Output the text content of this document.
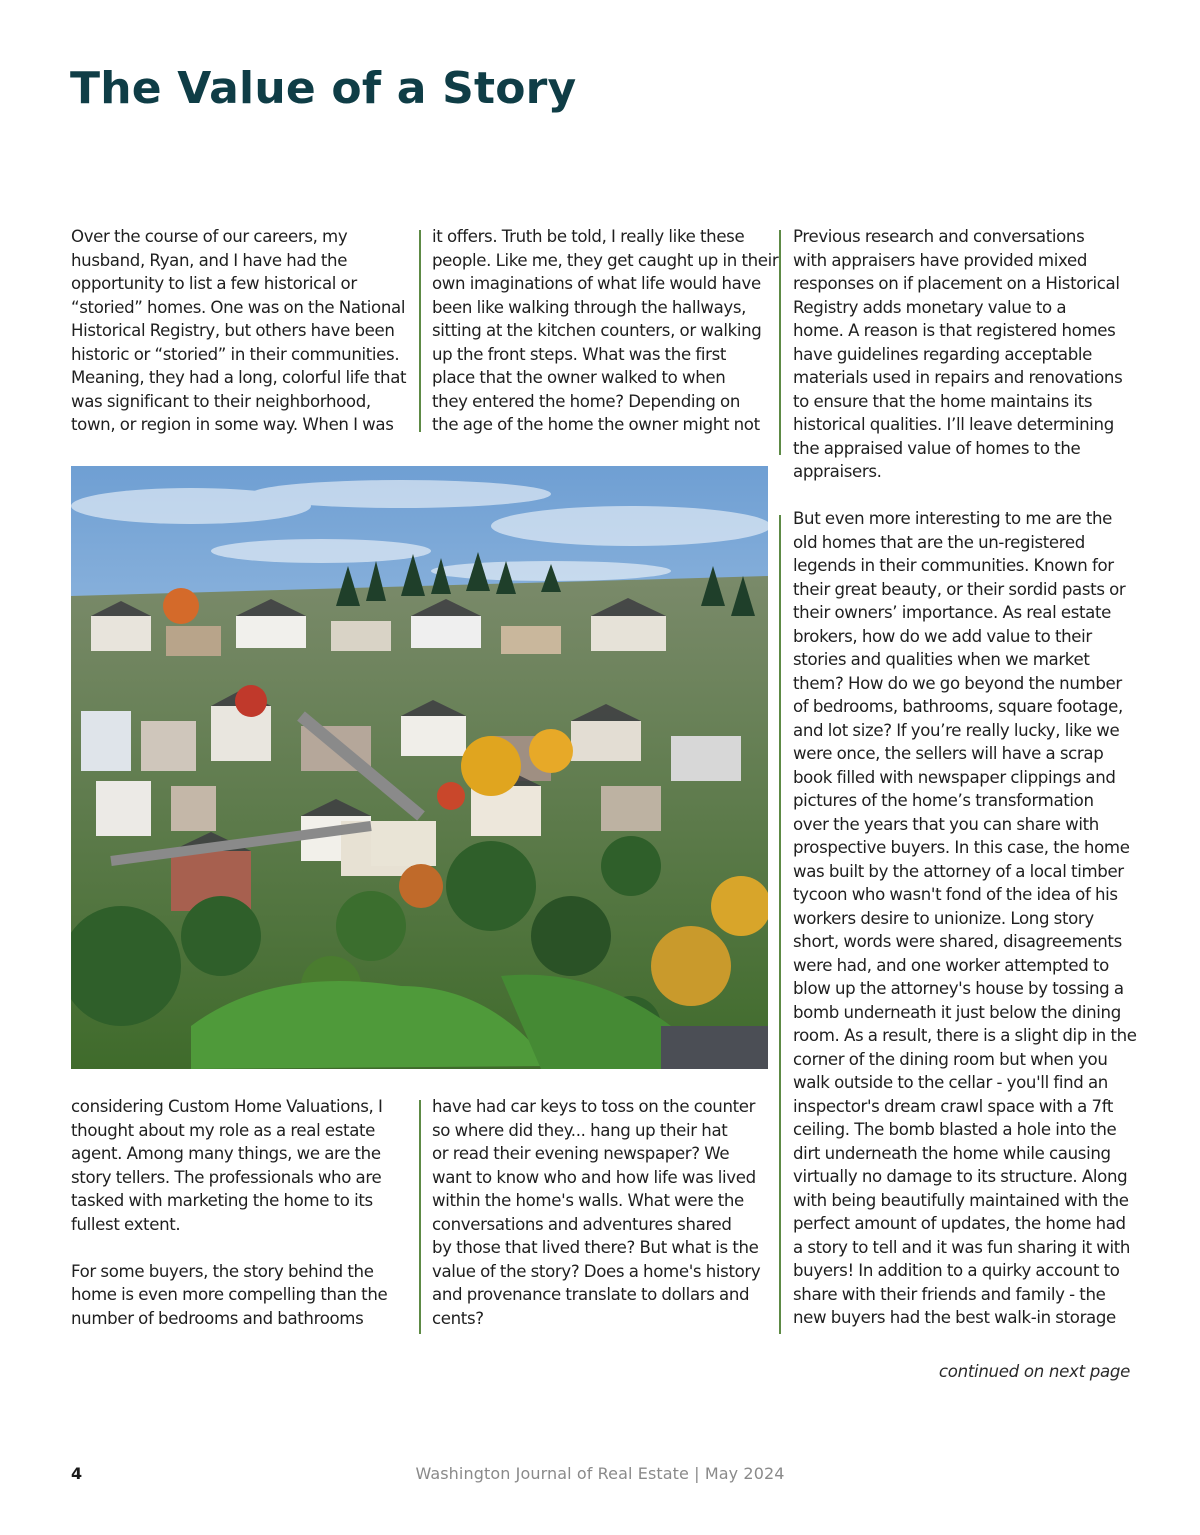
The Value of a Story

Over the course of our careers, my

husband, Ryan, and I have had the

opportunity to list a few historical or

“storied” homes. One was on the National

Historical Registry, but others have been

historic or “storied” in their communities.

Meaning, they had a long, colorful life that

was significant to their neighborhood,

town, or region in some way. When I was

it offers. Truth be told, I really like these

people. Like me, they get caught up in their

own imaginations of what life would have

been like walking through the hallways,

sitting at the kitchen counters, or walking

up the front steps. What was the first

place that the owner walked to when

they entered the home? Depending on

the age of the home the owner might not

Previous research and conversations

with appraisers have provided mixed

responses on if placement on a Historical

Registry adds monetary value to a

home. A reason is that registered homes

have guidelines regarding acceptable

materials used in repairs and renovations

to ensure that the home maintains its

historical qualities. I’ll leave determining

the appraised value of homes to the

appraisers.

But even more interesting to me are the

old homes that are the un-registered

legends in their communities. Known for

their great beauty, or their sordid pasts or

their owners’ importance. As real estate

brokers, how do we add value to their

stories and qualities when we market

them? How do we go beyond the number

of bedrooms, bathrooms, square footage,

and lot size? If you’re really lucky, like we

were once, the sellers will have a scrap

book filled with newspaper clippings and

pictures of the home’s transformation

over the years that you can share with

prospective buyers. In this case, the home

was built by the attorney of a local timber

tycoon who wasn't fond of the idea of his

workers desire to unionize. Long story

short, words were shared, disagreements

were had, and one worker attempted to

blow up the attorney's house by tossing a

bomb underneath it just below the dining

room. As a result, there is a slight dip in the

corner of the dining room but when you

walk outside to the cellar - you'll find an

inspector's dream crawl space with a 7ft

ceiling. The bomb blasted a hole into the

dirt underneath the home while causing

virtually no damage to its structure. Along

with being beautifully maintained with the

perfect amount of updates, the home had

a story to tell and it was fun sharing it with

buyers! In addition to a quirky account to

share with their friends and family - the

new buyers had the best walk-in storage

considering Custom Home Valuations, I

thought about my role as a real estate

agent. Among many things, we are the

story tellers. The professionals who are

tasked with marketing the home to its

fullest extent.

For some buyers, the story behind the

home is even more compelling than the

number of bedrooms and bathrooms

have had car keys to toss on the counter

so where did they... hang up their hat

or read their evening newspaper? We

want to know who and how life was lived

within the home's walls. What were the

conversations and adventures shared

by those that lived there? But what is the

value of the story? Does a home's history

and provenance translate to dollars and

cents?

continued on next page
4	Washington Journal of Real Estate | May 2024
